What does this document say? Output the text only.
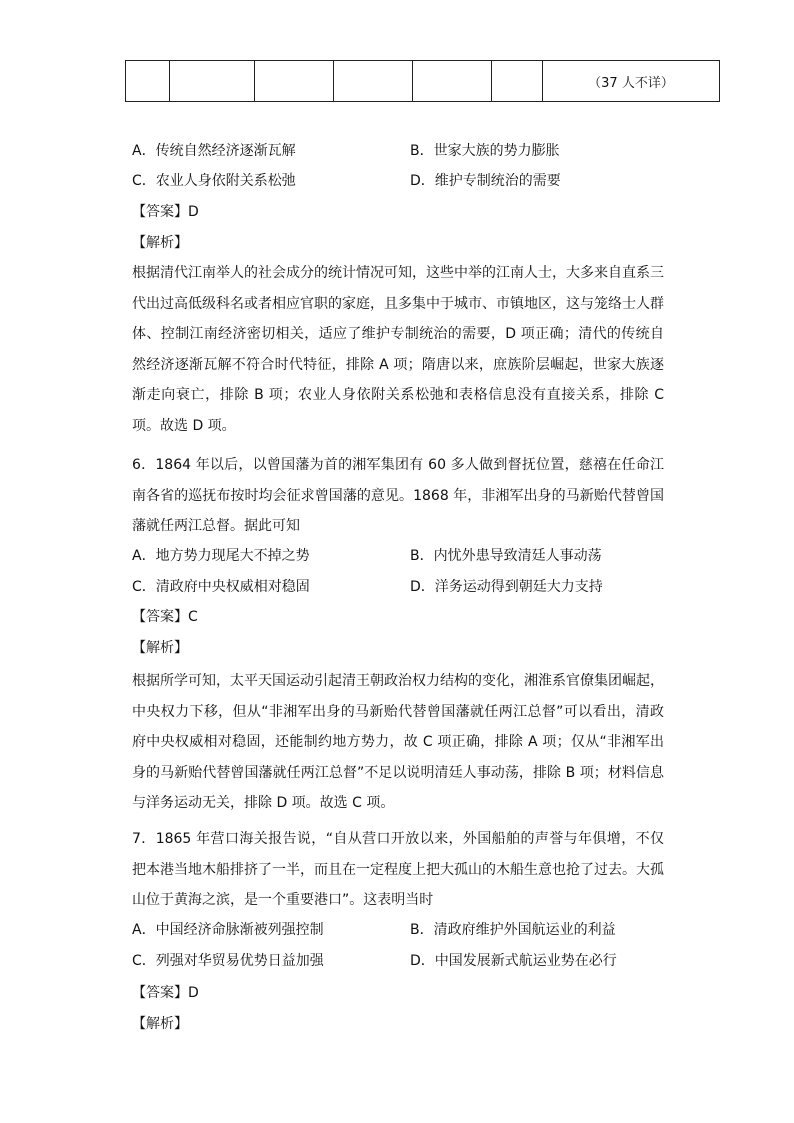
						（37 人不详）
A．传统自然经济逐渐瓦解	B．世家大族的势力膨胀
C．农业人身依附关系松弛	D．维护专制统治的需要
【答案】D
【解析】
根据清代江南举人的社会成分的统计情况可知，这些中举的江南人士，大多来自直系三代出过高低级科名或者相应官职的家庭，且多集中于城市、市镇地区，这与笼络士人群体、控制江南经济密切相关，适应了维护专制统治的需要，D 项正确；清代的传统自然经济逐渐瓦解不符合时代特征，排除 A 项；隋唐以来，庶族阶层崛起，世家大族逐渐走向衰亡，排除 B 项；农业人身依附关系松弛和表格信息没有直接关系，排除 C 项。故选 D 项。
6．1864 年以后，以曾国藩为首的湘军集团有 60 多人做到督抚位置，慈禧在任命江南各省的巡抚布按时均会征求曾国藩的意见。1868 年，非湘军出身的马新贻代替曾国藩就任两江总督。据此可知
A．地方势力现尾大不掉之势	B．内忧外患导致清廷人事动荡
C．清政府中央权威相对稳固	D．洋务运动得到朝廷大力支持
【答案】C
【解析】
根据所学可知，太平天国运动引起清王朝政治权力结构的变化，湘淮系官僚集团崛起，中央权力下移，但从“非湘军出身的马新贻代替曾国藩就任两江总督”可以看出，清政府中央权威相对稳固，还能制约地方势力，故 C 项正确，排除 A 项；仅从“非湘军出身的马新贻代替曾国藩就任两江总督”不足以说明清廷人事动荡，排除 B 项；材料信息与洋务运动无关，排除 D 项。故选 C 项。
7．1865 年营口海关报告说，“自从营口开放以来，外国船舶的声誉与年俱增，不仅把本港当地木船排挤了一半，而且在一定程度上把大孤山的木船生意也抢了过去。大孤山位于黄海之滨，是一个重要港口”。这表明当时
A．中国经济命脉渐被列强控制	B．清政府维护外国航运业的利益
C．列强对华贸易优势日益加强	D．中国发展新式航运业势在必行
【答案】D
【解析】
